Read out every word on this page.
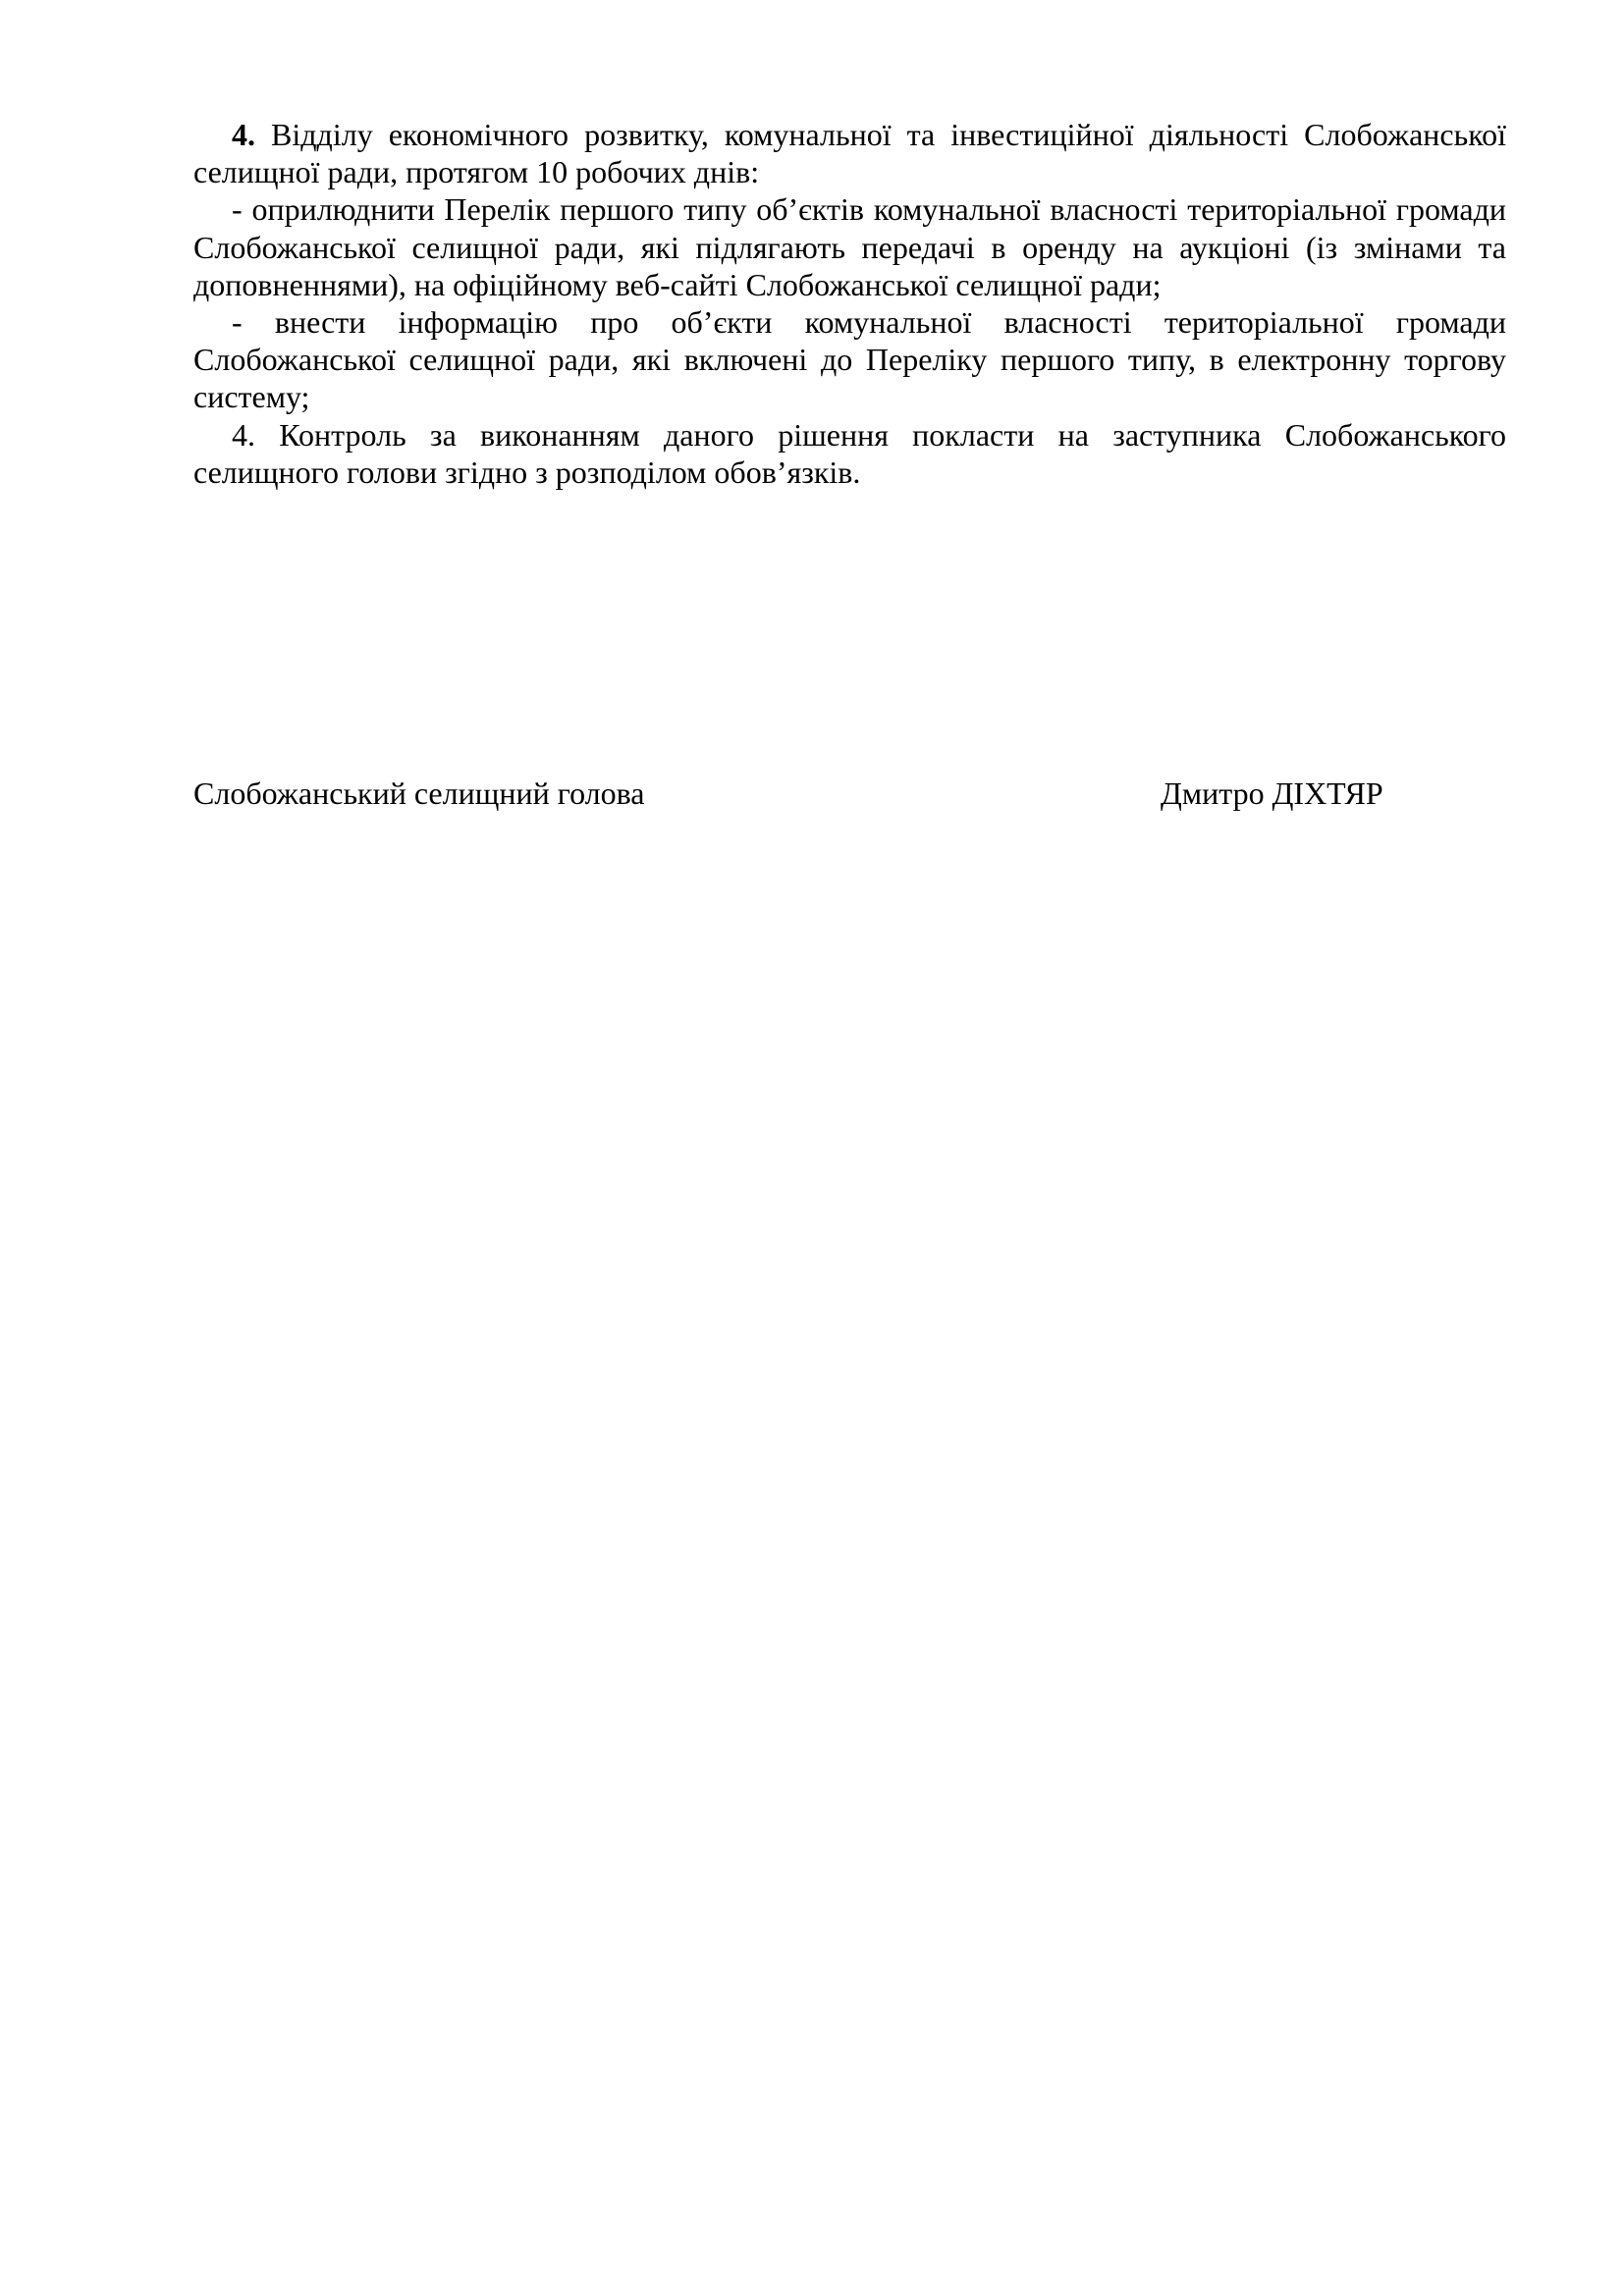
4. Відділу економічного розвитку, комунальної та інвестиційної діяльності Слобожанської селищної ради, протягом 10 робочих днів:

- оприлюднити Перелік першого типу об’єктів комунальної власності територіальної громади Слобожанської селищної ради, які підлягають передачі в оренду на аукціоні (із змінами та доповненнями), на офіційному веб-сайті Слобожанської селищної ради;

- внести інформацію про об’єкти комунальної власності територіальної громади Слобожанської селищної ради, які включені до Переліку першого типу, в електронну торгову систему;

4. Контроль за виконанням даного рішення покласти на заступника Слобожанського селищного голови згідно з розподілом обов’язків.

Слобожанський селищний голова	Дмитро ДІХТЯР
